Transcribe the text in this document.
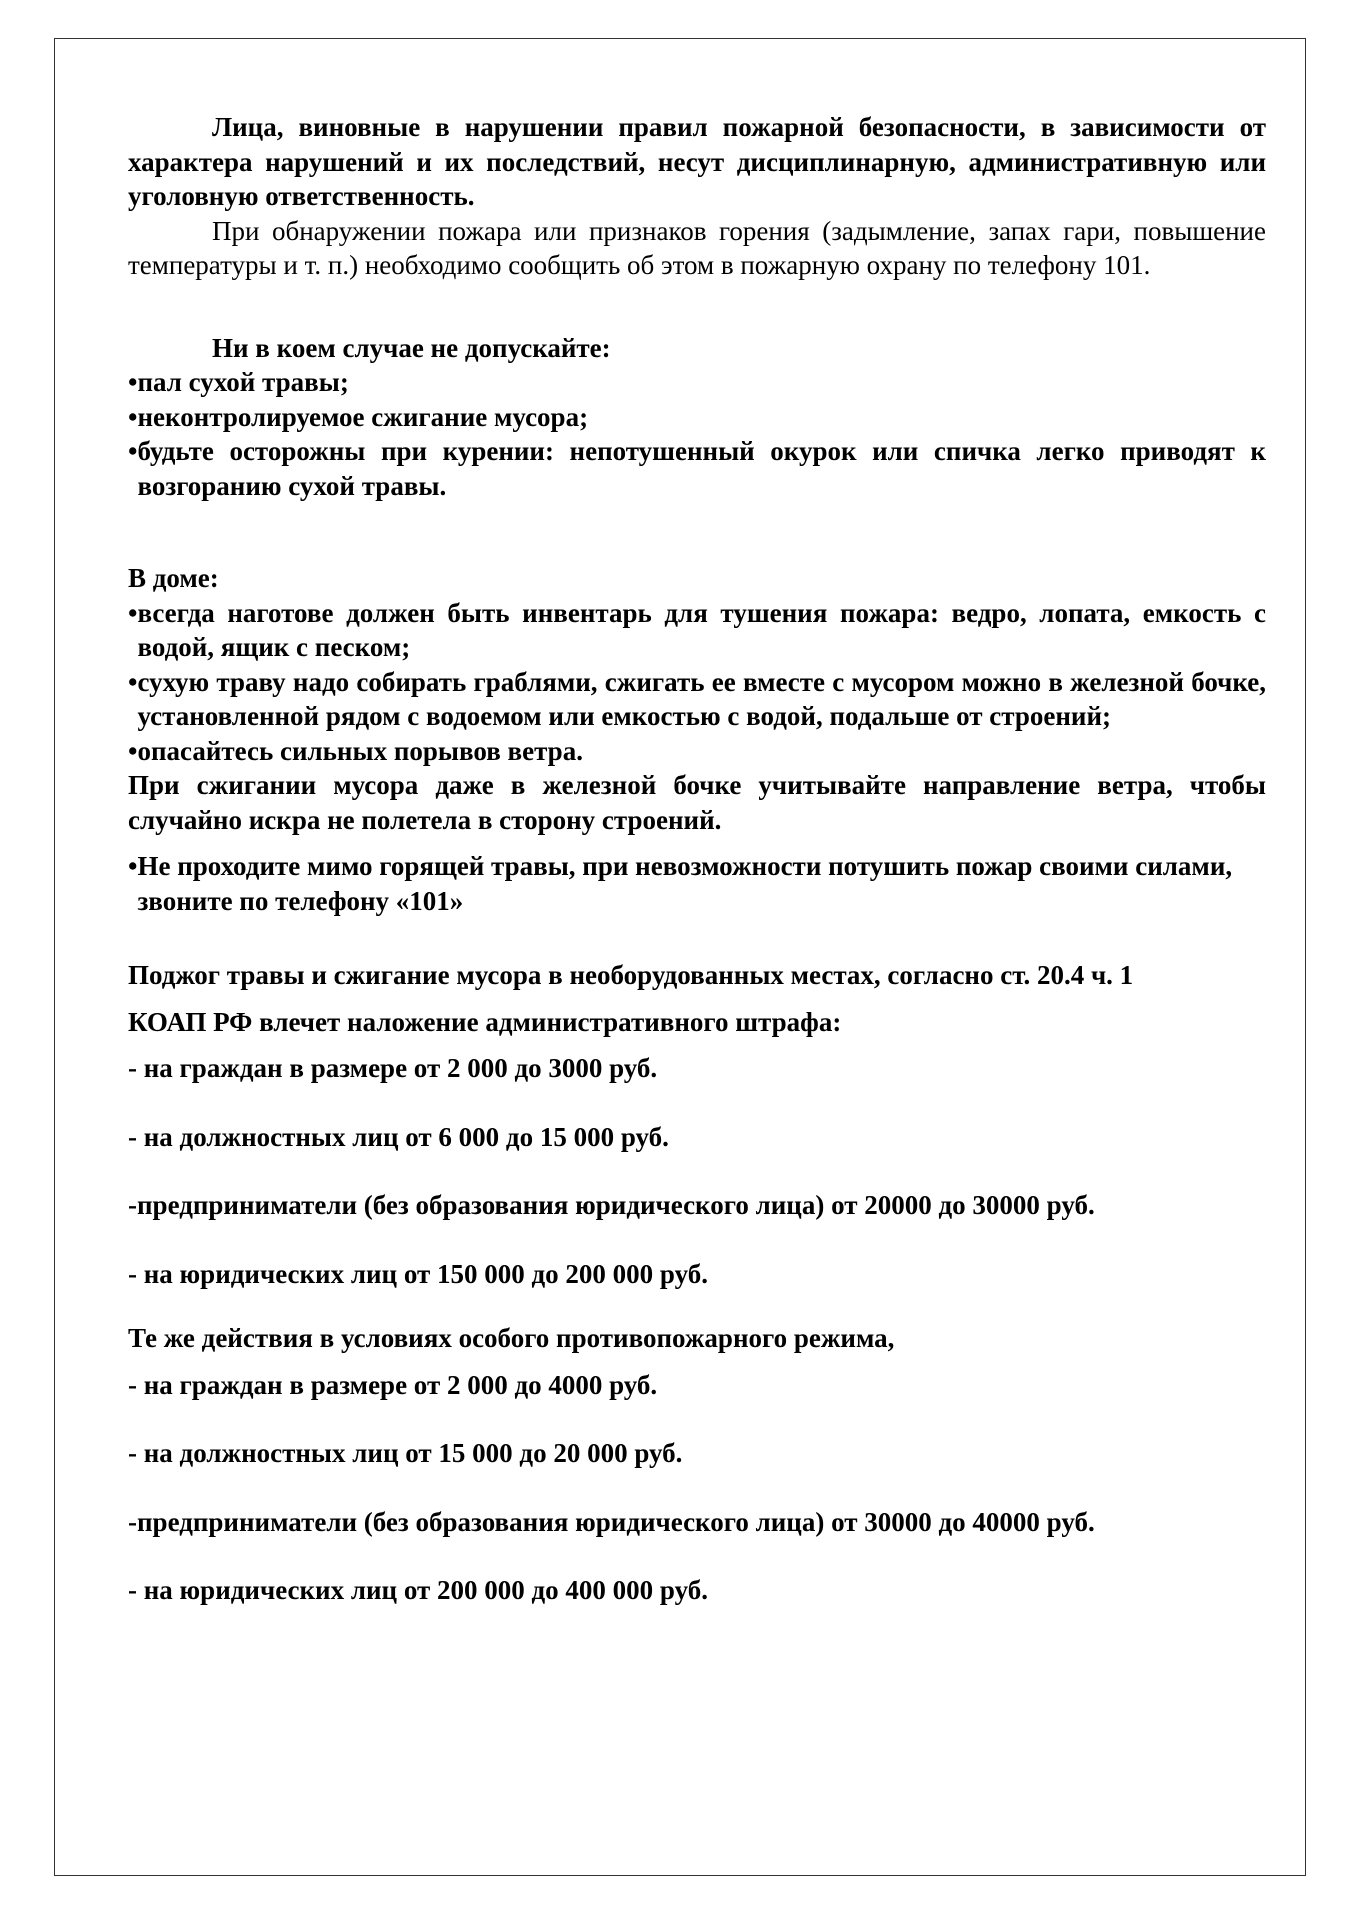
Лица, виновные в нарушении правил пожарной безопасности, в зависимости от характера нарушений и их последствий, несут дисциплинарную, административную или уголовную ответственность.

При обнаружении пожара или признаков горения (задымление, запах гари, повышение температуры и т. п.) необходимо сообщить об этом в пожарную охрану по телефону 101.

Ни в коем случае не допускайте:

• пал сухой травы;
• неконтролируемое сжигание мусора;
• будьте осторожны при курении: непотушенный окурок или спичка легко приводят к возгоранию сухой травы.

В доме:

• всегда наготове должен быть инвентарь для тушения пожара: ведро, лопата, емкость с водой, ящик с песком;
• сухую траву надо собирать граблями, сжигать ее вместе с мусором можно в железной бочке, установленной рядом с водоемом или емкостью с водой, подальше от строений;
• опасайтесь сильных порывов ветра.

При сжигании мусора даже в железной бочке учитывайте направление ветра, чтобы случайно искра не полетела в сторону строений.

• Не проходите мимо горящей травы, при невозможности потушить пожар своими силами, звоните по телефону «101»

Поджог травы и сжигание мусора в необорудованных местах, согласно ст. 20.4 ч. 1

КОАП РФ влечет наложение административного штрафа:

- на граждан в размере от 2 000 до 3000 руб.

- на должностных лиц от 6 000 до 15 000 руб.

-предприниматели (без образования юридического лица) от 20000 до 30000 руб.

- на юридических лиц от 150 000 до 200 000 руб.

Те же действия в условиях особого противопожарного режима,

- на граждан в размере от 2 000 до 4000 руб.

- на должностных лиц от 15 000 до 20 000 руб.

-предприниматели (без образования юридического лица) от 30000 до 40000 руб.

- на юридических лиц от 200 000 до 400 000 руб.
